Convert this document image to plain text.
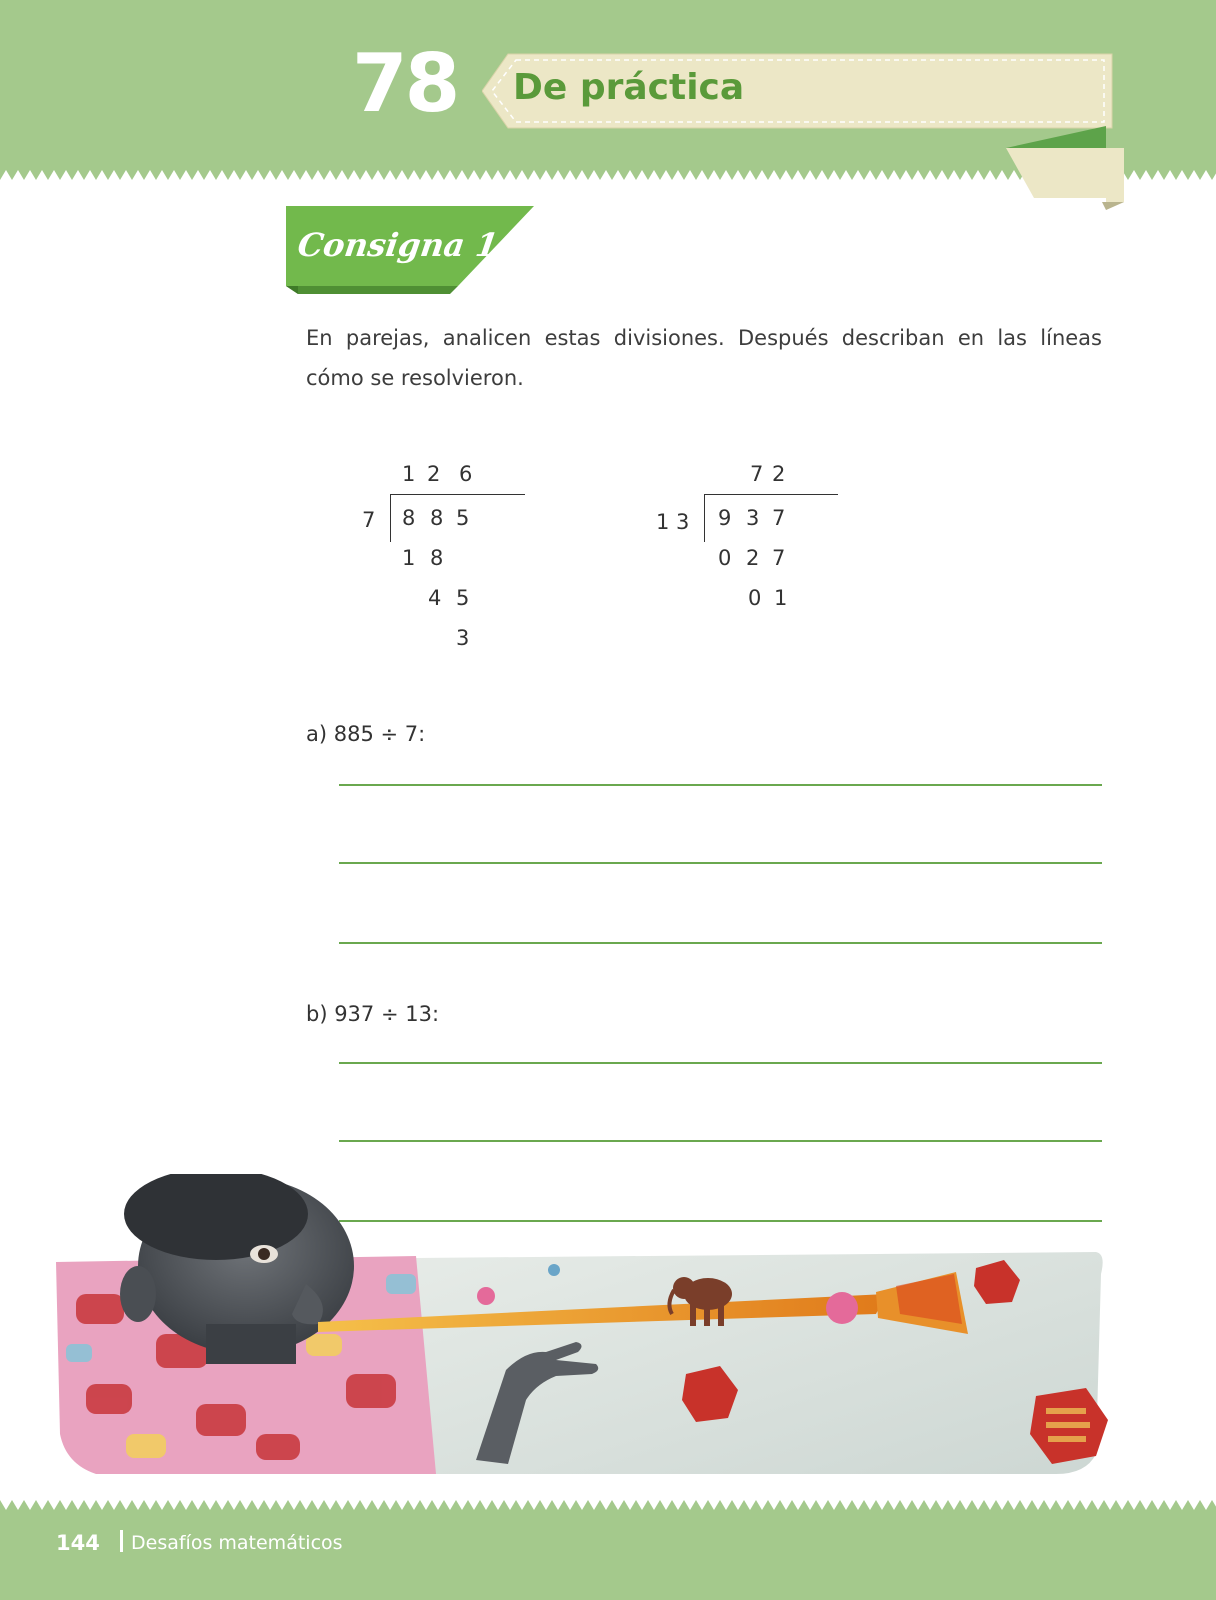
78 De práctica
Consigna 1
En parejas, analicen estas divisiones. Después describan en las líneas cómo se resolvieron.
1 2 6
7 8 8 5
1 8
4 5
3
7 2
1 3 9 3 7
0 2 7
0 1
a) 885 ÷ 7:
b) 937 ÷ 13:
144 Desafíos matemáticos
